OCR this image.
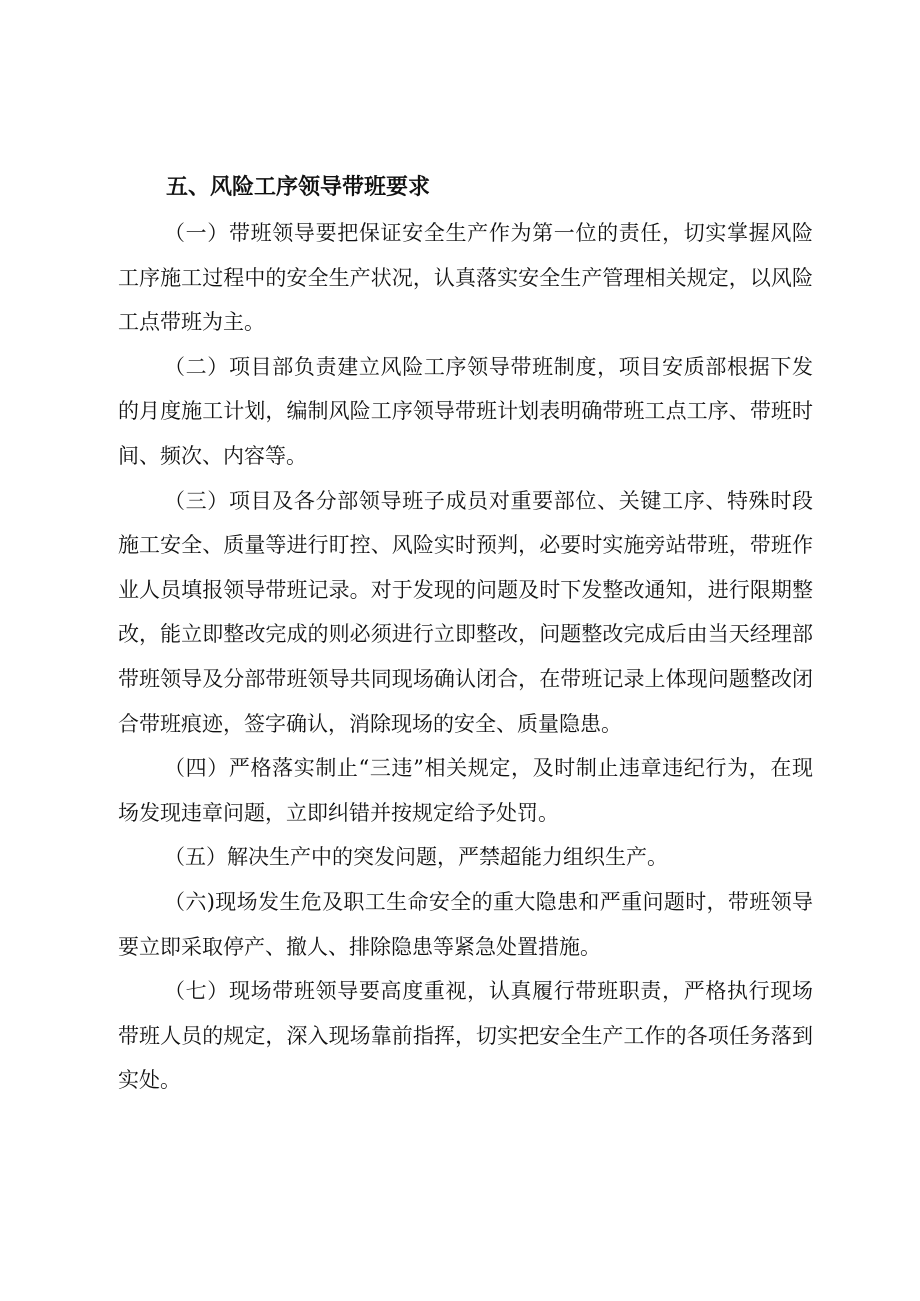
五、风险工序领导带班要求

（一）带班领导要把保证安全生产作为第一位的责任，切实掌握风险工序施工过程中的安全生产状况，认真落实安全生产管理相关规定，以风险工点带班为主。

（二）项目部负责建立风险工序领导带班制度，项目安质部根据下发的月度施工计划，编制风险工序领导带班计划表明确带班工点工序、带班时间、频次、内容等。

（三）项目及各分部领导班子成员对重要部位、关键工序、特殊时段施工安全、质量等进行盯控、风险实时预判，必要时实施旁站带班，带班作业人员填报领导带班记录。对于发现的问题及时下发整改通知，进行限期整改，能立即整改完成的则必须进行立即整改，问题整改完成后由当天经理部带班领导及分部带班领导共同现场确认闭合，在带班记录上体现问题整改闭合带班痕迹，签字确认，消除现场的安全、质量隐患。

（四）严格落实制止“三违”相关规定，及时制止违章违纪行为，在现场发现违章问题，立即纠错并按规定给予处罚。

（五）解决生产中的突发问题，严禁超能力组织生产。

（六)现场发生危及职工生命安全的重大隐患和严重问题时，带班领导要立即采取停产、撤人、排除隐患等紧急处置措施。

（七）现场带班领导要高度重视，认真履行带班职责，严格执行现场带班人员的规定，深入现场靠前指挥，切实把安全生产工作的各项任务落到实处。
